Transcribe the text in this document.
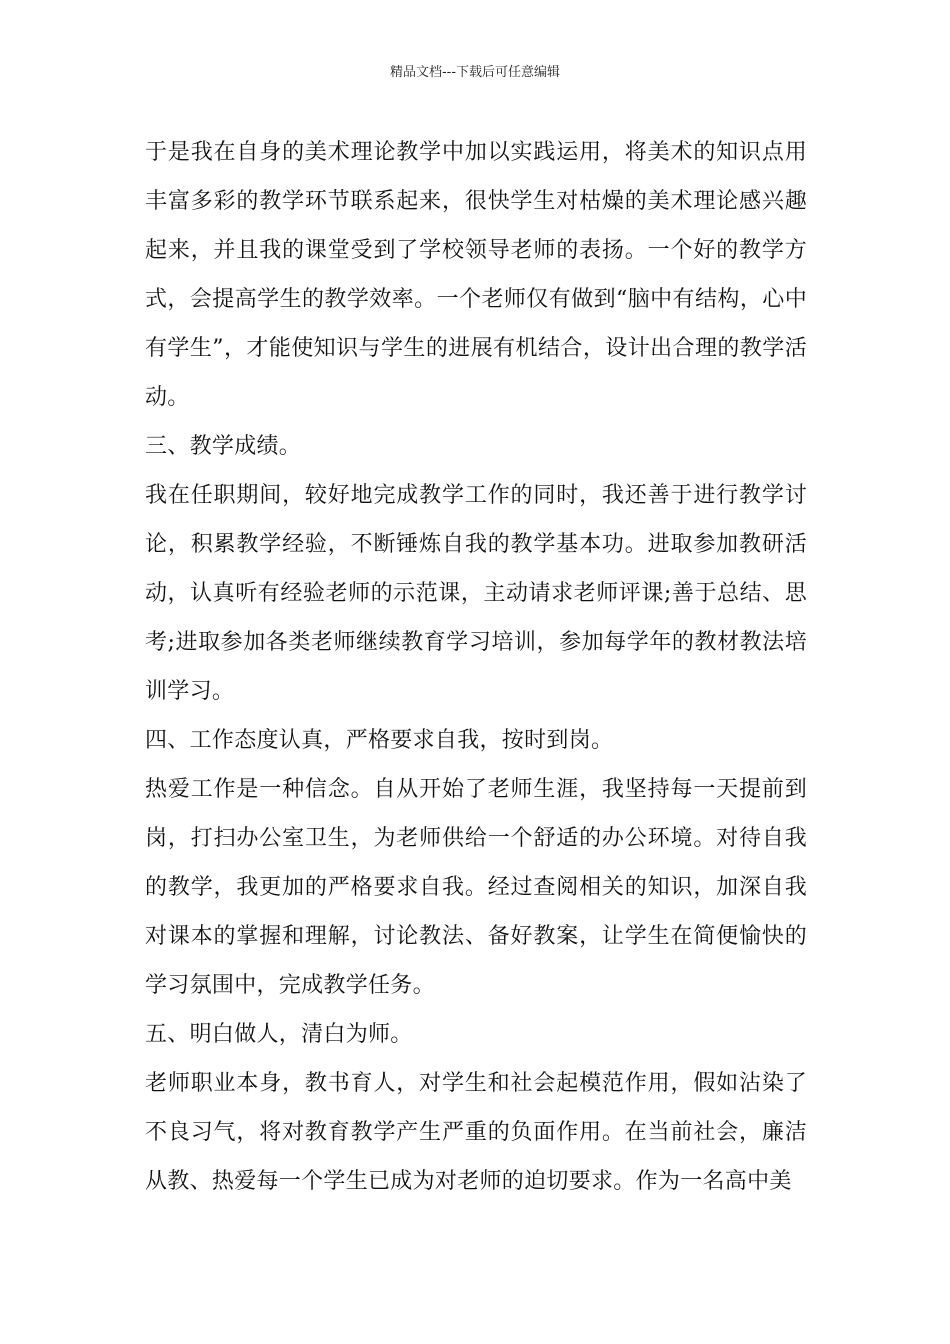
精品文档---下载后可任意编辑

于是我在自身的美术理论教学中加以实践运用，将美术的知识点用丰富多彩的教学环节联系起来，很快学生对枯燥的美术理论感兴趣起来，并且我的课堂受到了学校领导老师的表扬。一个好的教学方式，会提高学生的教学效率。一个老师仅有做到“脑中有结构，心中有学生”，才能使知识与学生的进展有机结合，设计出合理的教学活动。

三、教学成绩。

我在任职期间，较好地完成教学工作的同时，我还善于进行教学讨论，积累教学经验，不断锤炼自我的教学基本功。进取参加教研活动，认真听有经验老师的示范课，主动请求老师评课;善于总结、思考;进取参加各类老师继续教育学习培训，参加每学年的教材教法培训学习。

四、工作态度认真，严格要求自我，按时到岗。

热爱工作是一种信念。自从开始了老师生涯，我坚持每一天提前到岗，打扫办公室卫生，为老师供给一个舒适的办公环境。对待自我的教学，我更加的严格要求自我。经过查阅相关的知识，加深自我对课本的掌握和理解，讨论教法、备好教案，让学生在简便愉快的学习氛围中，完成教学任务。

五、明白做人，清白为师。

老师职业本身，教书育人，对学生和社会起模范作用，假如沾染了不良习气，将对教育教学产生严重的负面作用。在当前社会，廉洁从教、热爱每一个学生已成为对老师的迫切要求。作为一名高中美
